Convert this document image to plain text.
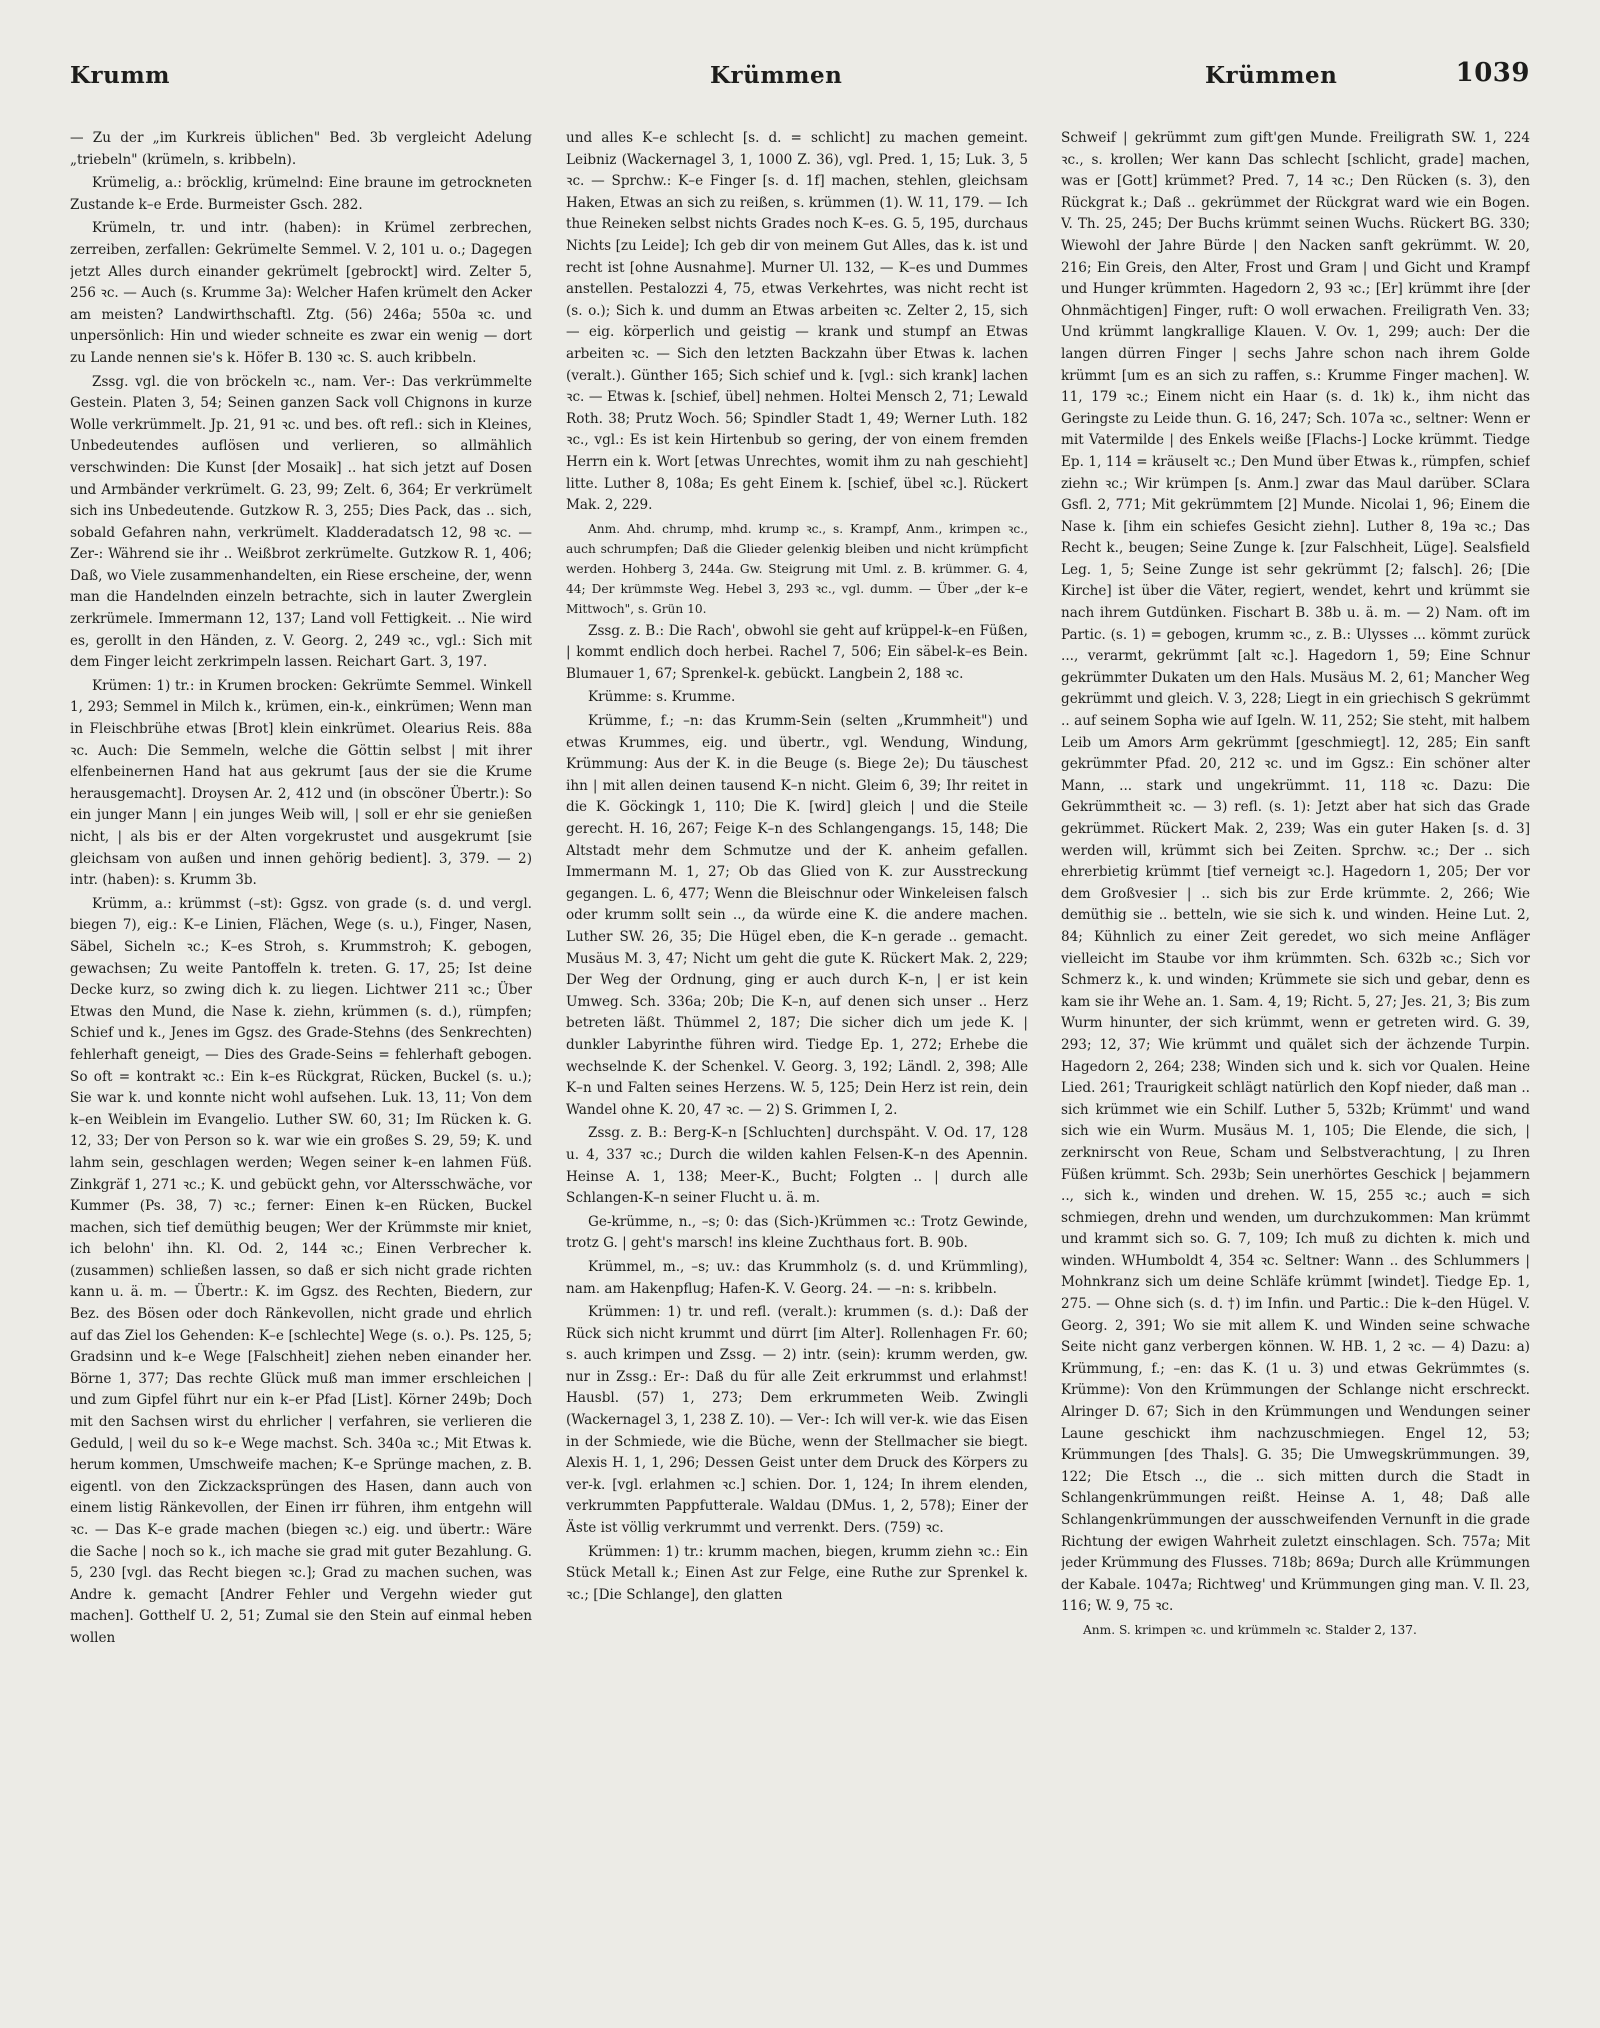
Krumm	Krümmen	Krümmen	1039

— Zu der „im Kurkreis üblichen" Bed. 3b vergleicht Adelung „triebeln" (krümeln, s. kribbeln).

Krümelig, a.: bröcklig, krümelnd: Eine braune im getrockneten Zustande k–e Erde. Burmeister Gsch. 282.

Krümeln, tr. und intr. (haben): in Krümel zerbrechen, zerreiben, zerfallen: Gekrümelte Semmel. V. 2, 101 u. o.; Dagegen jetzt Alles durch einander gekrümelt [gebrockt] wird. Zelter 5, 256 ꝛc. — Auch (s. Krumme 3a): Welcher Hafen krümelt den Acker am meisten? Landwirthschaftl. Ztg. (56) 246a; 550a ꝛc. und unpersönlich: Hin und wieder schneite es zwar ein wenig — dort zu Lande nennen sie's k. Höfer B. 130 ꝛc. S. auch kribbeln.

Zssg. vgl. die von bröckeln ꝛc., nam. Ver-: Das verkrümmelte Gestein. Platen 3, 54; Seinen ganzen Sack voll Chignons in kurze Wolle verkrümmelt. Jp. 21, 91 ꝛc. und bes. oft refl.: sich in Kleines, Unbedeutendes auflösen und verlieren, so allmählich verschwinden: Die Kunst [der Mosaik] .. hat sich jetzt auf Dosen und Armbänder verkrümelt. G. 23, 99; Zelt. 6, 364; Er verkrümelt sich ins Unbedeutende. Gutzkow R. 3, 255; Dies Pack, das .. sich, sobald Gefahren nahn, verkrümelt. Kladderadatsch 12, 98 ꝛc. — Zer-: Während sie ihr .. Weißbrot zerkrümelte. Gutzkow R. 1, 406; Daß, wo Viele zusammenhandelten, ein Riese erscheine, der, wenn man die Handelnden einzeln betrachte, sich in lauter Zwerglein zerkrümele. Immermann 12, 137; Land voll Fettigkeit. .. Nie wird es, gerollt in den Händen, z. V. Georg. 2, 249 ꝛc., vgl.: Sich mit dem Finger leicht zerkrimpeln lassen. Reichart Gart. 3, 197.

Krümen: 1) tr.: in Krumen brocken: Gekrümte Semmel. Winkell 1, 293; Semmel in Milch k., krümen, ein-k., einkrümen; Wenn man in Fleischbrühe etwas [Brot] klein einkrümet. Olearius Reis. 88a ꝛc. Auch: Die Semmeln, welche die Göttin selbst | mit ihrer elfenbeinernen Hand hat aus gekrumt [aus der sie die Krume herausgemacht]. Droysen Ar. 2, 412 und (in obscöner Übertr.): So ein junger Mann | ein junges Weib will, | soll er ehr sie genießen nicht, | als bis er der Alten vorgekrustet und ausgekrumt [sie gleichsam von außen und innen gehörig bedient]. 3, 379. — 2) intr. (haben): s. Krumm 3b.

Krümm, a.: krümmst (–st): Ggsz. von grade (s. d. und vergl. biegen 7), eig.: K–e Linien, Flächen, Wege (s. u.), Finger, Nasen, Säbel, Sicheln ꝛc.; K–es Stroh, s. Krummstroh; K. gebogen, gewachsen; Zu weite Pantoffeln k. treten. G. 17, 25; Ist deine Decke kurz, so zwing dich k. zu liegen. Lichtwer 211 ꝛc.; Über Etwas den Mund, die Nase k. ziehn, krümmen (s. d.), rümpfen; Schief und k., Jenes im Ggsz. des Grade-Stehns (des Senkrechten) fehlerhaft geneigt, — Dies des Grade-Seins = fehlerhaft gebogen. So oft = kontrakt ꝛc.: Ein k–es Rückgrat, Rücken, Buckel (s. u.); Sie war k. und konnte nicht wohl aufsehen. Luk. 13, 11; Von dem k–en Weiblein im Evangelio. Luther SW. 60, 31; Im Rücken k. G. 12, 33; Der von Person so k. war wie ein großes S. 29, 59; K. und lahm sein, geschlagen werden; Wegen seiner k–en lahmen Füß. Zinkgräf 1, 271 ꝛc.; K. und gebückt gehn, vor Altersschwäche, vor Kummer (Ps. 38, 7) ꝛc.; ferner: Einen k–en Rücken, Buckel machen, sich tief demüthig beugen; Wer der Krümmste mir kniet, ich belohn' ihn. Kl. Od. 2, 144 ꝛc.; Einen Verbrecher k. (zusammen) schließen lassen, so daß er sich nicht grade richten kann u. ä. m. — Übertr.: K. im Ggsz. des Rechten, Biedern, zur Bez. des Bösen oder doch Ränkevollen, nicht grade und ehrlich auf das Ziel los Gehenden: K–e [schlechte] Wege (s. o.). Ps. 125, 5; Gradsinn und k–e Wege [Falschheit] ziehen neben einander her. Börne 1, 377; Das rechte Glück muß man immer erschleichen | und zum Gipfel führt nur ein k–er Pfad [List]. Körner 249b; Doch mit den Sachsen wirst du ehrlicher | verfahren, sie verlieren die Geduld, | weil du so k–e Wege machst. Sch. 340a ꝛc.; Mit Etwas k. herum kommen, Umschweife machen; K–e Sprünge machen, z. B. eigentl. von den Zickzacksprüngen des Hasen, dann auch von einem listig Ränkevollen, der Einen irr führen, ihm entgehn will ꝛc. — Das K–e grade machen (biegen ꝛc.) eig. und übertr.: Wäre die Sache | noch so k., ich mache sie grad mit guter Bezahlung. G. 5, 230 [vgl. das Recht biegen ꝛc.]; Grad zu machen suchen, was Andre k. gemacht [Andrer Fehler und Vergehn wieder gut machen]. Gotthelf U. 2, 51; Zumal sie den Stein auf einmal heben wollen

und alles K–e schlecht [s. d. = schlicht] zu machen gemeint. Leibniz (Wackernagel 3, 1, 1000 Z. 36), vgl. Pred. 1, 15; Luk. 3, 5 ꝛc. — Sprchw.: K–e Finger [s. d. 1f] machen, stehlen, gleichsam Haken, Etwas an sich zu reißen, s. krümmen (1). W. 11, 179. — Ich thue Reineken selbst nichts Grades noch K–es. G. 5, 195, durchaus Nichts [zu Leide]; Ich geb dir von meinem Gut Alles, das k. ist und recht ist [ohne Ausnahme]. Murner Ul. 132, — K–es und Dummes anstellen. Pestalozzi 4, 75, etwas Verkehrtes, was nicht recht ist (s. o.); Sich k. und dumm an Etwas arbeiten ꝛc. Zelter 2, 15, sich — eig. körperlich und geistig — krank und stumpf an Etwas arbeiten ꝛc. — Sich den letzten Backzahn über Etwas k. lachen (veralt.). Günther 165; Sich schief und k. [vgl.: sich krank] lachen ꝛc. — Etwas k. [schief, übel] nehmen. Holtei Mensch 2, 71; Lewald Roth. 38; Prutz Woch. 56; Spindler Stadt 1, 49; Werner Luth. 182 ꝛc., vgl.: Es ist kein Hirtenbub so gering, der von einem fremden Herrn ein k. Wort [etwas Unrechtes, womit ihm zu nah geschieht] litte. Luther 8, 108a; Es geht Einem k. [schief, übel ꝛc.]. Rückert Mak. 2, 229.

Anm. Ahd. chrump, mhd. krump ꝛc., s. Krampf, Anm., krimpen ꝛc., auch schrumpfen; Daß die Glieder gelenkig bleiben und nicht krümpficht werden. Hohberg 3, 244a. Gw. Steigrung mit Uml. z. B. krümmer. G. 4, 44; Der krümmste Weg. Hebel 3, 293 ꝛc., vgl. dumm. — Über „der k–e Mittwoch", s. Grün 10.

Zssg. z. B.: Die Rach', obwohl sie geht auf krüppel-k–en Füßen, | kommt endlich doch herbei. Rachel 7, 506; Ein säbel-k–es Bein. Blumauer 1, 67; Sprenkel-k. gebückt. Langbein 2, 188 ꝛc.

Krümme: s. Krumme.

Krümme, f.; –n: das Krumm-Sein (selten „Krummheit") und etwas Krummes, eig. und übertr., vgl. Wendung, Windung, Krümmung: Aus der K. in die Beuge (s. Biege 2e); Du täuschest ihn | mit allen deinen tausend K–n nicht. Gleim 6, 39; Ihr reitet in die K. Göckingk 1, 110; Die K. [wird] gleich | und die Steile gerecht. H. 16, 267; Feige K–n des Schlangengangs. 15, 148; Die Altstadt mehr dem Schmutze und der K. anheim gefallen. Immermann M. 1, 27; Ob das Glied von K. zur Ausstreckung gegangen. L. 6, 477; Wenn die Bleischnur oder Winkeleisen falsch oder krumm sollt sein .., da würde eine K. die andere machen. Luther SW. 26, 35; Die Hügel eben, die K–n gerade .. gemacht. Musäus M. 3, 47; Nicht um geht die gute K. Rückert Mak. 2, 229; Der Weg der Ordnung, ging er auch durch K–n, | er ist kein Umweg. Sch. 336a; 20b; Die K–n, auf denen sich unser .. Herz betreten läßt. Thümmel 2, 187; Die sicher dich um jede K. | dunkler Labyrinthe führen wird. Tiedge Ep. 1, 272; Erhebe die wechselnde K. der Schenkel. V. Georg. 3, 192; Ländl. 2, 398; Alle K–n und Falten seines Herzens. W. 5, 125; Dein Herz ist rein, dein Wandel ohne K. 20, 47 ꝛc. — 2) S. Grimmen I, 2.

Zssg. z. B.: Berg-K–n [Schluchten] durchspäht. V. Od. 17, 128 u. 4, 337 ꝛc.; Durch die wilden kahlen Felsen-K–n des Apennin. Heinse A. 1, 138; Meer-K., Bucht; Folgten .. | durch alle Schlangen-K–n seiner Flucht u. ä. m.

Ge-krümme, n., –s; 0: das (Sich-)Krümmen ꝛc.: Trotz Gewinde, trotz G. | geht's marsch! ins kleine Zuchthaus fort. B. 90b.

Krümmel, m., –s; uv.: das Krummholz (s. d. und Krümmling), nam. am Hakenpflug; Hafen-K. V. Georg. 24. — –n: s. kribbeln.

Krümmen: 1) tr. und refl. (veralt.): krummen (s. d.): Daß der Rück sich nicht krummt und dürrt [im Alter]. Rollenhagen Fr. 60; s. auch krimpen und Zssg. — 2) intr. (sein): krumm werden, gw. nur in Zssg.: Er-: Daß du für alle Zeit erkrummst und erlahmst! Hausbl. (57) 1, 273; Dem erkrummeten Weib. Zwingli (Wackernagel 3, 1, 238 Z. 10). — Ver-: Ich will ver-k. wie das Eisen in der Schmiede, wie die Büche, wenn der Stellmacher sie biegt. Alexis H. 1, 1, 296; Dessen Geist unter dem Druck des Körpers zu ver-k. [vgl. erlahmen ꝛc.] schien. Dor. 1, 124; In ihrem elenden, verkrummten Pappfutterale. Waldau (DMus. 1, 2, 578); Einer der Äste ist völlig verkrummt und verrenkt. Ders. (759) ꝛc.

Krümmen: 1) tr.: krumm machen, biegen, krumm ziehn ꝛc.: Ein Stück Metall k.; Einen Ast zur Felge, eine Ruthe zur Sprenkel k. ꝛc.; [Die Schlange], den glatten

Schweif | gekrümmt zum gift'gen Munde. Freiligrath SW. 1, 224 ꝛc., s. krollen; Wer kann Das schlecht [schlicht, grade] machen, was er [Gott] krümmet? Pred. 7, 14 ꝛc.; Den Rücken (s. 3), den Rückgrat k.; Daß .. gekrümmet der Rückgrat ward wie ein Bogen. V. Th. 25, 245; Der Buchs krümmt seinen Wuchs. Rückert BG. 330; Wiewohl der Jahre Bürde | den Nacken sanft gekrümmt. W. 20, 216; Ein Greis, den Alter, Frost und Gram | und Gicht und Krampf und Hunger krümmten. Hagedorn 2, 93 ꝛc.; [Er] krümmt ihre [der Ohnmächtigen] Finger, ruft: O woll erwachen. Freiligrath Ven. 33; Und krümmt langkrallige Klauen. V. Ov. 1, 299; auch: Der die langen dürren Finger | sechs Jahre schon nach ihrem Golde krümmt [um es an sich zu raffen, s.: Krumme Finger machen]. W. 11, 179 ꝛc.; Einem nicht ein Haar (s. d. 1k) k., ihm nicht das Geringste zu Leide thun. G. 16, 247; Sch. 107a ꝛc., seltner: Wenn er mit Vatermilde | des Enkels weiße [Flachs-] Locke krümmt. Tiedge Ep. 1, 114 = kräuselt ꝛc.; Den Mund über Etwas k., rümpfen, schief ziehn ꝛc.; Wir krümpen [s. Anm.] zwar das Maul darüber. SClara Gsfl. 2, 771; Mit gekrümmtem [2] Munde. Nicolai 1, 96; Einem die Nase k. [ihm ein schiefes Gesicht ziehn]. Luther 8, 19a ꝛc.; Das Recht k., beugen; Seine Zunge k. [zur Falschheit, Lüge]. Sealsfield Leg. 1, 5; Seine Zunge ist sehr gekrümmt [2; falsch]. 26; [Die Kirche] ist über die Väter, regiert, wendet, kehrt und krümmt sie nach ihrem Gutdünken. Fischart B. 38b u. ä. m. — 2) Nam. oft im Partic. (s. 1) = gebogen, krumm ꝛc., z. B.: Ulysses ... kömmt zurück ..., verarmt, gekrümmt [alt ꝛc.]. Hagedorn 1, 59; Eine Schnur gekrümmter Dukaten um den Hals. Musäus M. 2, 61; Mancher Weg gekrümmt und gleich. V. 3, 228; Liegt in ein griechisch S gekrümmt .. auf seinem Sopha wie auf Igeln. W. 11, 252; Sie steht, mit halbem Leib um Amors Arm gekrümmt [geschmiegt]. 12, 285; Ein sanft gekrümmter Pfad. 20, 212 ꝛc. und im Ggsz.: Ein schöner alter Mann, ... stark und ungekrümmt. 11, 118 ꝛc. Dazu: Die Gekrümmtheit ꝛc. — 3) refl. (s. 1): Jetzt aber hat sich das Grade gekrümmet. Rückert Mak. 2, 239; Was ein guter Haken [s. d. 3] werden will, krümmt sich bei Zeiten. Sprchw. ꝛc.; Der .. sich ehrerbietig krümmt [tief verneigt ꝛc.]. Hagedorn 1, 205; Der vor dem Großvesier | .. sich bis zur Erde krümmte. 2, 266; Wie demüthig sie .. betteln, wie sie sich k. und winden. Heine Lut. 2, 84; Kühnlich zu einer Zeit geredet, wo sich meine Anfläger vielleicht im Staube vor ihm krümmten. Sch. 632b ꝛc.; Sich vor Schmerz k., k. und winden; Krümmete sie sich und gebar, denn es kam sie ihr Wehe an. 1. Sam. 4, 19; Richt. 5, 27; Jes. 21, 3; Bis zum Wurm hinunter, der sich krümmt, wenn er getreten wird. G. 39, 293; 12, 37; Wie krümmt und quälet sich der ächzende Turpin. Hagedorn 2, 264; 238; Winden sich und k. sich vor Qualen. Heine Lied. 261; Traurigkeit schlägt natürlich den Kopf nieder, daß man .. sich krümmet wie ein Schilf. Luther 5, 532b; Krümmt' und wand sich wie ein Wurm. Musäus M. 1, 105; Die Elende, die sich, | zerknirscht von Reue, Scham und Selbstverachtung, | zu Ihren Füßen krümmt. Sch. 293b; Sein unerhörtes Geschick | bejammern .., sich k., winden und drehen. W. 15, 255 ꝛc.; auch = sich schmiegen, drehn und wenden, um durchzukommen: Man krümmt und krammt sich so. G. 7, 109; Ich muß zu dichten k. mich und winden. WHumboldt 4, 354 ꝛc. Seltner: Wann .. des Schlummers | Mohnkranz sich um deine Schläfe krümmt [windet]. Tiedge Ep. 1, 275. — Ohne sich (s. d. †) im Infin. und Partic.: Die k–den Hügel. V. Georg. 2, 391; Wo sie mit allem K. und Winden seine schwache Seite nicht ganz verbergen können. W. HB. 1, 2 ꝛc. — 4) Dazu: a) Krümmung, f.; –en: das K. (1 u. 3) und etwas Gekrümmtes (s. Krümme): Von den Krümmungen der Schlange nicht erschreckt. Alringer D. 67; Sich in den Krümmungen und Wendungen seiner Laune geschickt ihm nachzuschmiegen. Engel 12, 53; Krümmungen [des Thals]. G. 35; Die Umwegskrümmungen. 39, 122; Die Etsch .., die .. sich mitten durch die Stadt in Schlangenkrümmungen reißt. Heinse A. 1, 48; Daß alle Schlangenkrümmungen der ausschweifenden Vernunft in die grade Richtung der ewigen Wahrheit zuletzt einschlagen. Sch. 757a; Mit jeder Krümmung des Flusses. 718b; 869a; Durch alle Krümmungen der Kabale. 1047a; Richtweg' und Krümmungen ging man. V. Il. 23, 116; W. 9, 75 ꝛc.

Anm. S. krimpen ꝛc. und krümmeln ꝛc. Stalder 2, 137.
